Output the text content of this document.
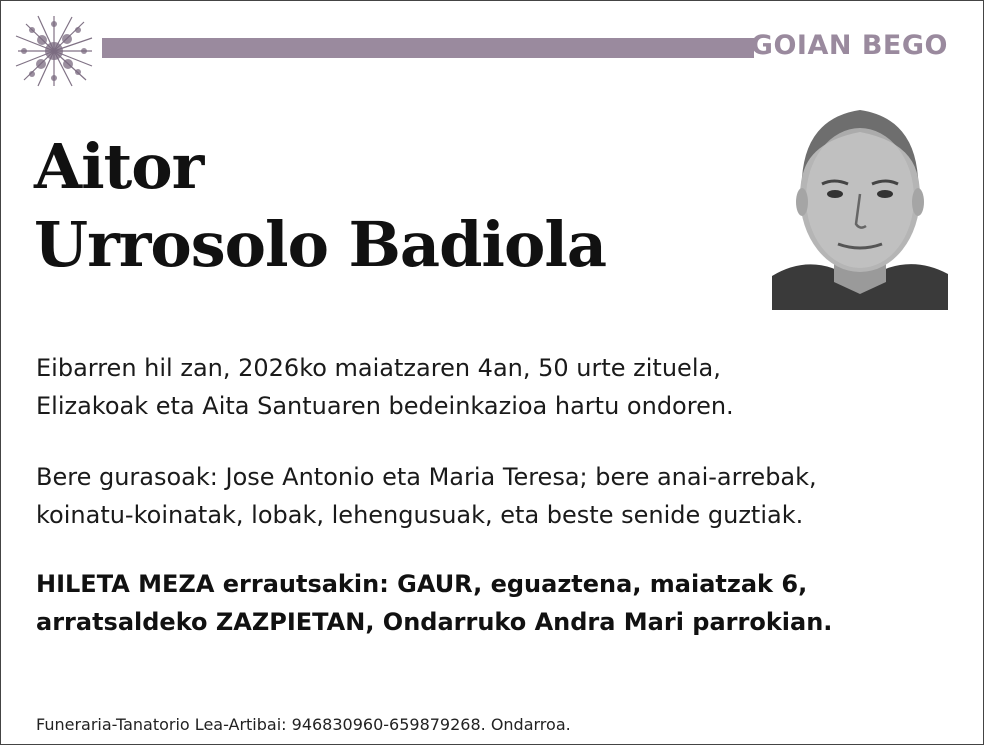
GOIAN BEGO
Aitor
Urrosolo Badiola
Eibarren hil zan, 2026ko maiatzaren 4an, 50 urte zituela,
Elizakoak eta Aita Santuaren bedeinkazioa hartu ondoren.
Bere gurasoak: Jose Antonio eta Maria Teresa; bere anai-arrebak,
koinatu-koinatak, lobak, lehengusuak, eta beste senide guztiak.
HILETA MEZA errautsakin: GAUR, eguaztena, maiatzak 6,
arratsaldeko ZAZPIETAN, Ondarruko Andra Mari parrokian.
Funeraria-Tanatorio Lea-Artibai: 946830960-659879268. Ondarroa.
